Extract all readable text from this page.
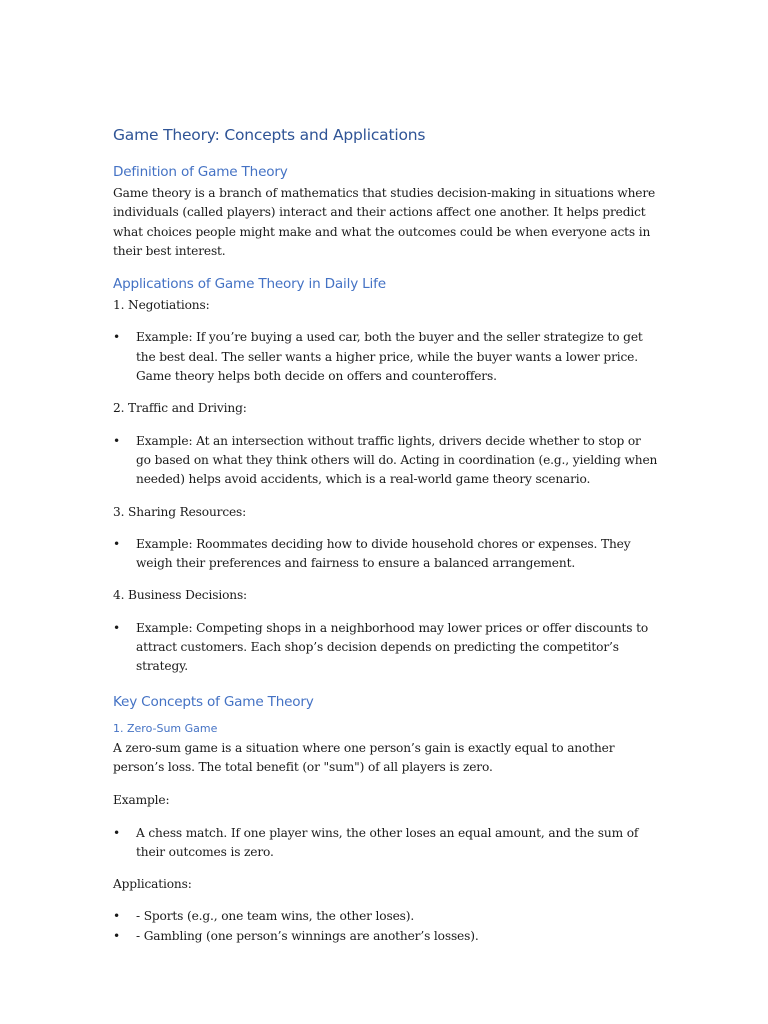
Game Theory: Concepts and Applications
Definition of Game Theory

Game theory is a branch of mathematics that studies decision-making in situations where individuals (called players) interact and their actions affect one another. It helps predict what choices people might make and what the outcomes could be when everyone acts in their best interest.

Applications of Game Theory in Daily Life

1. Negotiations:

• Example: If you’re buying a used car, both the buyer and the seller strategize to get the best deal. The seller wants a higher price, while the buyer wants a lower price. Game theory helps both decide on offers and counteroffers.

2. Traffic and Driving:

• Example: At an intersection without traffic lights, drivers decide whether to stop or go based on what they think others will do. Acting in coordination (e.g., yielding when needed) helps avoid accidents, which is a real-world game theory scenario.

3. Sharing Resources:

• Example: Roommates deciding how to divide household chores or expenses. They weigh their preferences and fairness to ensure a balanced arrangement.

4. Business Decisions:

• Example: Competing shops in a neighborhood may lower prices or offer discounts to attract customers. Each shop’s decision depends on predicting the competitor’s strategy.
Key Concepts of Game Theory
1. Zero-Sum Game

A zero-sum game is a situation where one person’s gain is exactly equal to another person’s loss. The total benefit (or "sum") of all players is zero.

Example:

• A chess match. If one player wins, the other loses an equal amount, and the sum of their outcomes is zero.

Applications:

• - Sports (e.g., one team wins, the other loses).
• - Gambling (one person’s winnings are another’s losses).
